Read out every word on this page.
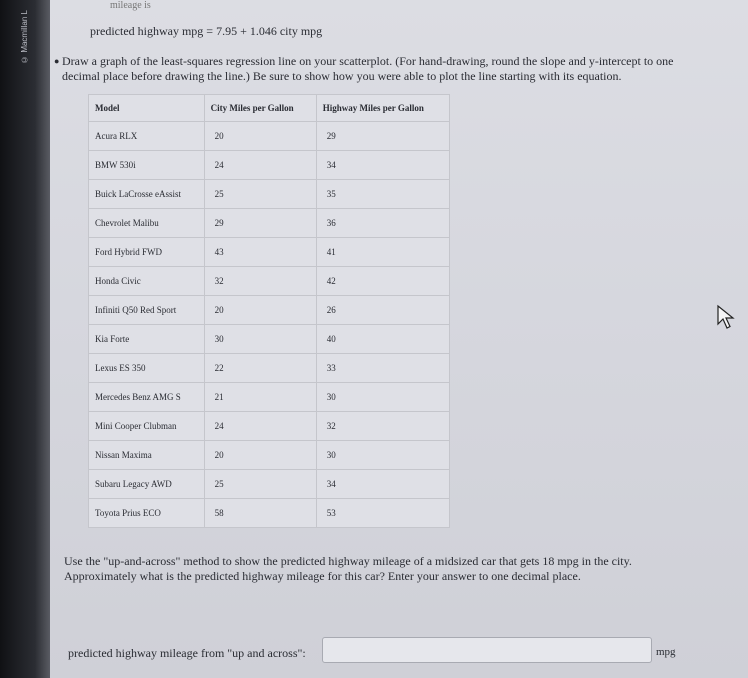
© Macmillan L
mileage is
predicted highway mpg = 7.95 + 1.046 city mpg
● Draw a graph of the least-squares regression line on your scatterplot. (For hand-drawing, round the slope and y-intercept to one decimal place before drawing the line.) Be sure to show how you were able to plot the line starting with its equation.
Model	City Miles per Gallon	Highway Miles per Gallon
Acura RLX	20	29
BMW 530i	24	34
Buick LaCrosse eAssist	25	35
Chevrolet Malibu	29	36
Ford Hybrid FWD	43	41
Honda Civic	32	42
Infiniti Q50 Red Sport	20	26
Kia Forte	30	40
Lexus ES 350	22	33
Mercedes Benz AMG S	21	30
Mini Cooper Clubman	24	32
Nissan Maxima	20	30
Subaru Legacy AWD	25	34
Toyota Prius ECO	58	53
Use the "up-and-across" method to show the predicted highway mileage of a midsized car that gets 18 mpg in the city. Approximately what is the predicted highway mileage for this car? Enter your answer to one decimal place.
predicted highway mileage from "up and across":	mpg
